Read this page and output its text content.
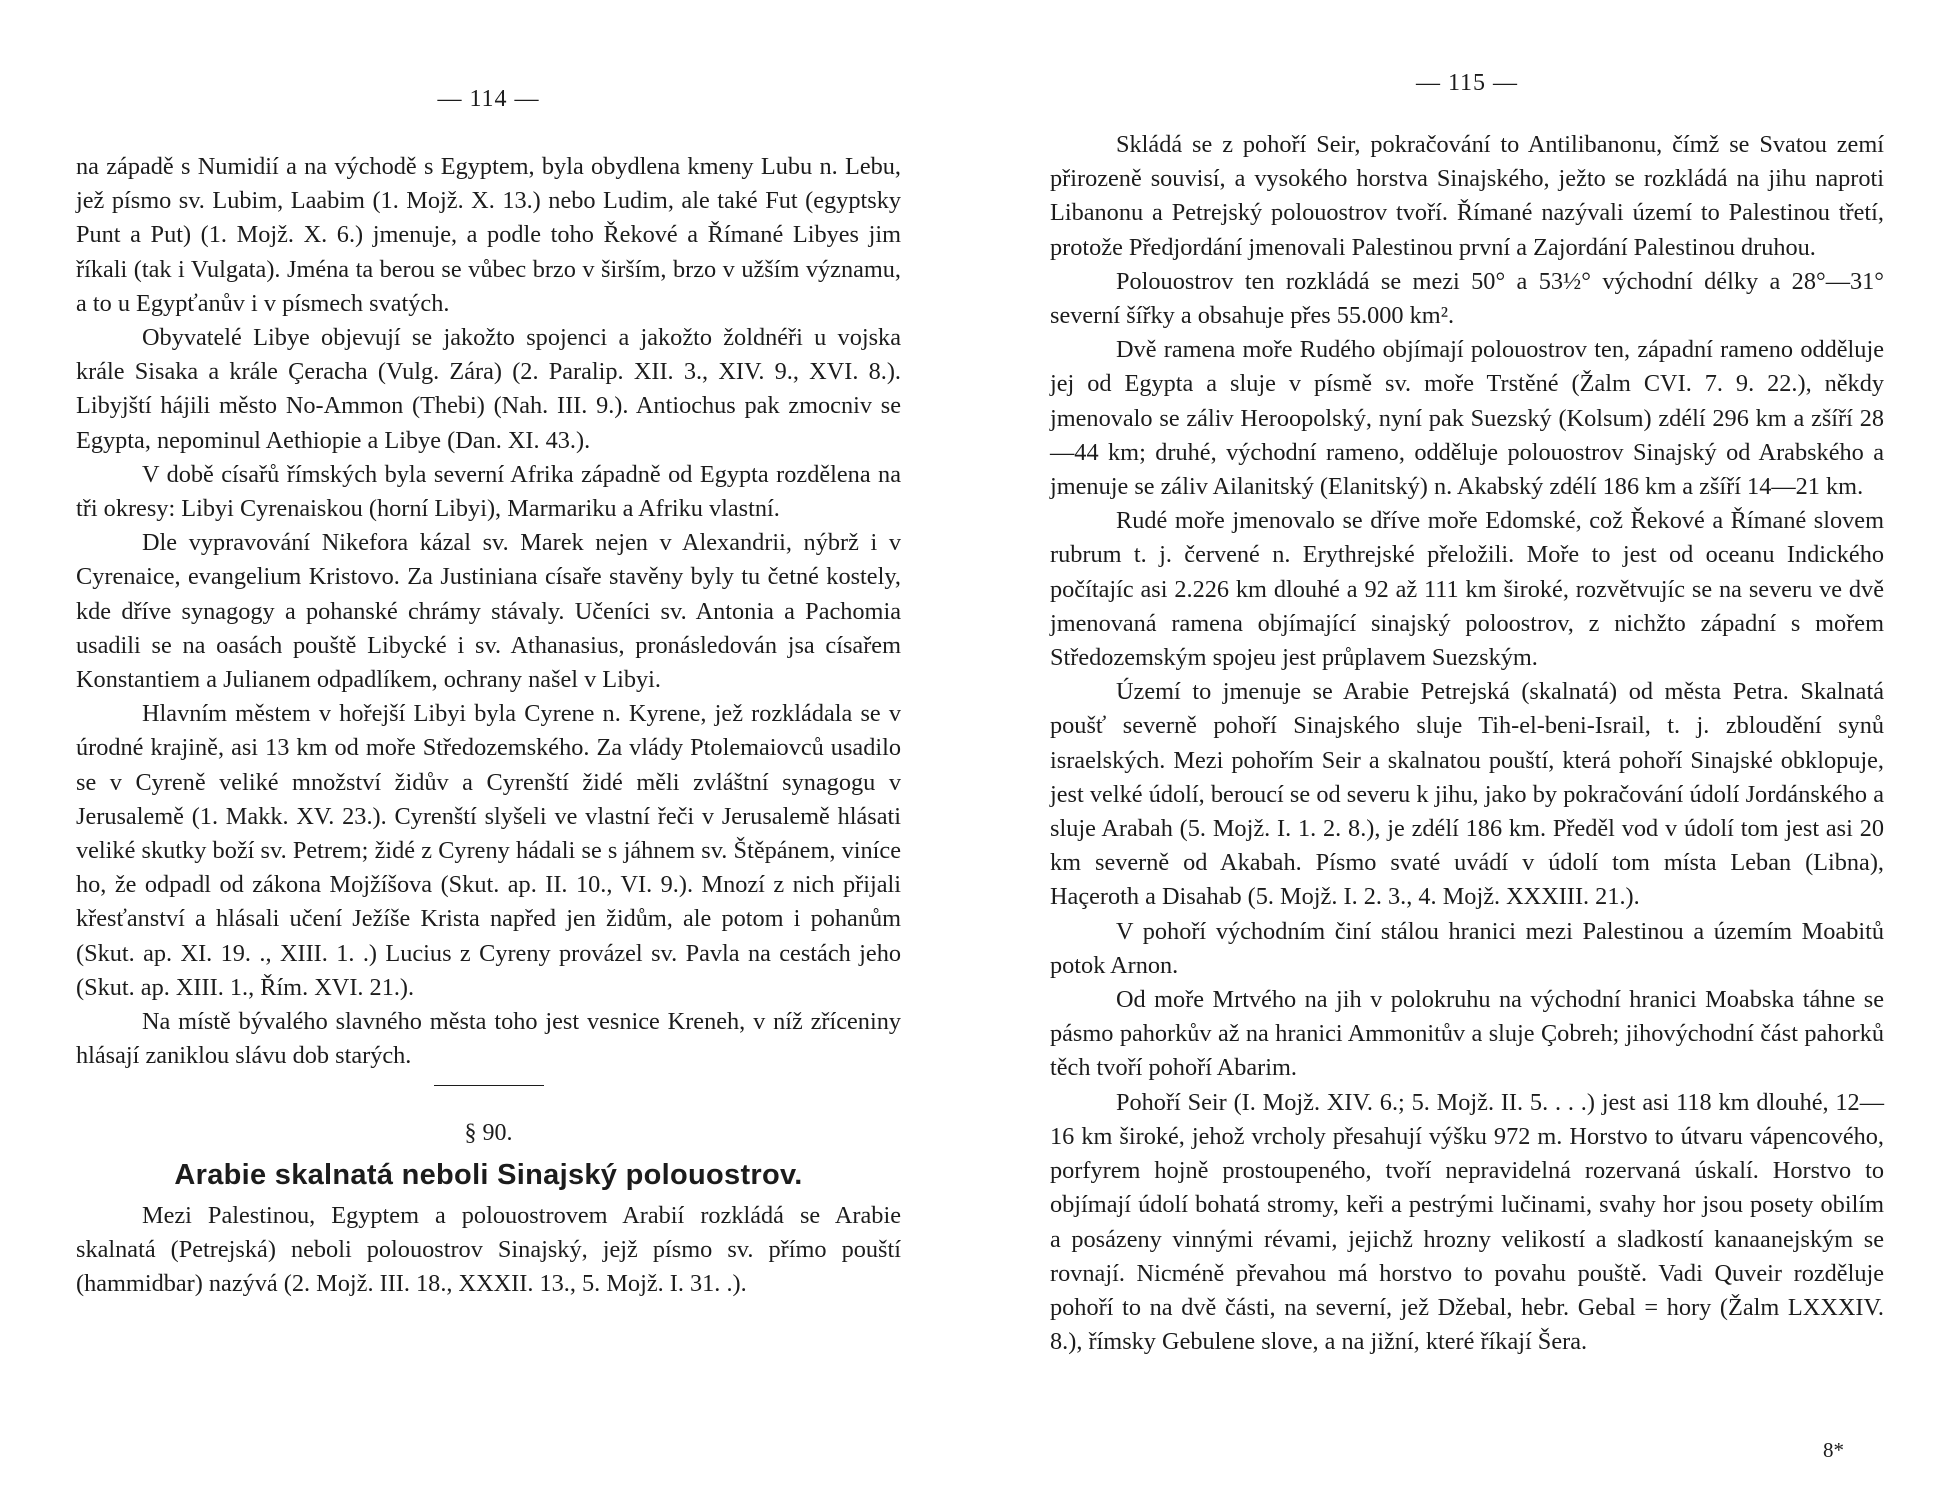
— 114 —

na západě s Numidií a na východě s Egyptem, byla obydlena kmeny Lubu n. Lebu, jež písmo sv. Lubim, Laabim (1. Mojž. X. 13.) nebo Ludim, ale také Fut (egyptsky Punt a Put) (1. Mojž. X. 6.) jmenuje, a podle toho Řekové a Římané Libyes jim říkali (tak i Vulgata). Jména ta berou se vůbec brzo v širším, brzo v užším významu, a to u Egypťanův i v písmech svatých.

Obyvatelé Libye objevují se jakožto spojenci a jakožto žoldnéři u vojska krále Sisaka a krále Çeracha (Vulg. Zára) (2. Paralip. XII. 3., XIV. 9., XVI. 8.). Libyjští hájili město No-Ammon (Thebi) (Nah. III. 9.). Antiochus pak zmocniv se Egypta, nepominul Aethiopie a Libye (Dan. XI. 43.).

V době císařů římských byla severní Afrika západně od Egypta rozdělena na tři okresy: Libyi Cyrenaiskou (horní Libyi), Marmariku a Afriku vlastní.

Dle vypravování Nikefora kázal sv. Marek nejen v Alexandrii, nýbrž i v Cyrenaice, evangelium Kristovo. Za Justiniana císaře stavěny byly tu četné kostely, kde dříve synagogy a pohanské chrámy stávaly. Učeníci sv. Antonia a Pachomia usadili se na oasách pouště Libycké i sv. Athanasius, pronásledován jsa císařem Konstantiem a Julianem odpadlíkem, ochrany našel v Libyi.

Hlavním městem v hořejší Libyi byla Cyrene n. Kyrene, jež rozkládala se v úrodné krajině, asi 13 km od moře Středozemského. Za vlády Ptolemaiovců usadilo se v Cyreně veliké množství židův a Cyrenští židé měli zvláštní synagogu v Jerusalemě (1. Makk. XV. 23.). Cyrenští slyšeli ve vlastní řeči v Jerusalemě hlásati veliké skutky boží sv. Petrem; židé z Cyreny hádali se s jáhnem sv. Štěpánem, viníce ho, že odpadl od zákona Mojžíšova (Skut. ap. II. 10., VI. 9.). Mnozí z nich přijali křesťanství a hlásali učení Ježíše Krista napřed jen židům, ale potom i pohanům (Skut. ap. XI. 19. ., XIII. 1. .) Lucius z Cyreny provázel sv. Pavla na cestách jeho (Skut. ap. XIII. 1., Řím. XVI. 21.).

Na místě bývalého slavného města toho jest vesnice Kreneh, v níž zříceniny hlásají zaniklou slávu dob starých.

§ 90.
Arabie skalnatá neboli Sinajský polouostrov.

Mezi Palestinou, Egyptem a polouostrovem Arabií rozkládá se Arabie skalnatá (Petrejská) neboli polouostrov Sinajský, jejž písmo sv. přímo pouští (hammidbar) nazývá (2. Mojž. III. 18., XXXII. 13., 5. Mojž. I. 31. .).

— 115 —

Skládá se z pohoří Seir, pokračování to Antilibanonu, čímž se Svatou zemí přirozeně souvisí, a vysokého horstva Sinajského, ježto se rozkládá na jihu naproti Libanonu a Petrejský polouostrov tvoří. Římané nazývali území to Palestinou třetí, protože Předjordání jmenovali Palestinou první a Zajordání Palestinou druhou.

Polouostrov ten rozkládá se mezi 50° a 53½° východní délky a 28°—31° severní šířky a obsahuje přes 55.000 km².

Dvě ramena moře Rudého objímají polouostrov ten, západní rameno odděluje jej od Egypta a sluje v písmě sv. moře Trstěné (Žalm CVI. 7. 9. 22.), někdy jmenovalo se záliv Heroopolský, nyní pak Suezský (Kolsum) zdélí 296 km a zšíří 28—44 km; druhé, východní rameno, odděluje polouostrov Sinajský od Arabského a jmenuje se záliv Ailanitský (Elanitský) n. Akabský zdélí 186 km a zšíří 14—21 km.

Rudé moře jmenovalo se dříve moře Edomské, což Řekové a Římané slovem rubrum t. j. červené n. Erythrejské přeložili. Moře to jest od oceanu Indického počítajíc asi 2.226 km dlouhé a 92 až 111 km široké, rozvětvujíc se na severu ve dvě jmenovaná ramena objímající sinajský poloostrov, z nichžto západní s mořem Středozemským spojeu jest průplavem Suezským.

Území to jmenuje se Arabie Petrejská (skalnatá) od města Petra. Skalnatá poušť severně pohoří Sinajského sluje Tih-el-beni-Israil, t. j. zbloudění synů israelských. Mezi pohořím Seir a skalnatou pouští, která pohoří Sinajské obklopuje, jest velké údolí, beroucí se od severu k jihu, jako by pokračování údolí Jordánského a sluje Arabah (5. Mojž. I. 1. 2. 8.), je zdélí 186 km. Předěl vod v údolí tom jest asi 20 km severně od Akabah. Písmo svaté uvádí v údolí tom místa Leban (Libna), Haçeroth a Disahab (5. Mojž. I. 2. 3., 4. Mojž. XXXIII. 21.).

V pohoří východním činí stálou hranici mezi Palestinou a územím Moabitů potok Arnon.

Od moře Mrtvého na jih v polokruhu na východní hranici Moabska táhne se pásmo pahorkův až na hranici Ammonitův a sluje Çobreh; jihovýchodní část pahorků těch tvoří pohoří Abarim.

Pohoří Seir (I. Mojž. XIV. 6.; 5. Mojž. II. 5. . . .) jest asi 118 km dlouhé, 12—16 km široké, jehož vrcholy přesahují výšku 972 m. Horstvo to útvaru vápencového, porfyrem hojně prostoupeného, tvoří nepravidelná rozervaná úskalí. Horstvo to objímají údolí bohatá stromy, keři a pestrými lučinami, svahy hor jsou posety obilím a posázeny vinnými révami, jejichž hrozny velikostí a sladkostí kanaanejským se rovnají. Nicméně převahou má horstvo to povahu pouště. Vadi Quveir rozděluje pohoří to na dvě části, na severní, jež Džebal, hebr. Gebal = hory (Žalm LXXXIV. 8.), římsky Gebulene slove, a na jižní, které říkají Šera.

8*
